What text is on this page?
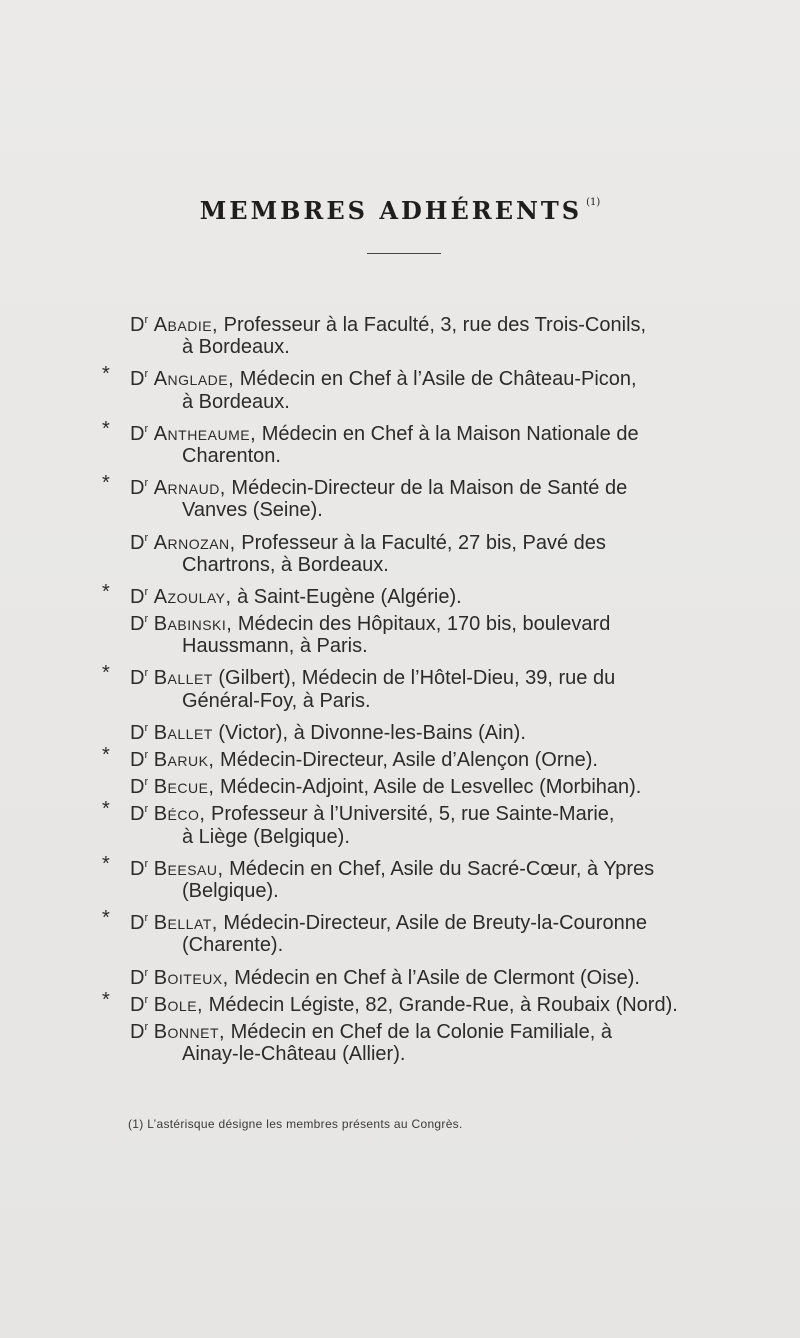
MEMBRES ADHÉRENTS $^{(1)}$
$D^r$ Abadie, Professeur à la Faculté, 3, rue des Trois-Conils,
à Bordeaux.
*	$D^r$ Anglade, Médecin en Chef à l’Asile de Château-Picon,
à Bordeaux.
*	$D^r$ Antheaume, Médecin en Chef à la Maison Nationale de
Charenton.
*	$D^r$ Arnaud, Médecin-Directeur de la Maison de Santé de
Vanves (Seine).
$D^r$ Arnozan, Professeur à la Faculté, 27 bis, Pavé des
Chartrons, à Bordeaux.
*	$D^r$ Azoulay, à Saint-Eugène (Algérie).
$D^r$ Babinski, Médecin des Hôpitaux, 170 bis, boulevard
Haussmann, à Paris.
*	$D^r$ Ballet (Gilbert), Médecin de l’Hôtel-Dieu, 39, rue du
Général-Foy, à Paris.
$D^r$ Ballet (Victor), à Divonne-les-Bains (Ain).
*	$D^r$ Baruk, Médecin-Directeur, Asile d’Alençon (Orne).
$D^r$ Becue, Médecin-Adjoint, Asile de Lesvellec (Morbihan).
*	$D^r$ Béco, Professeur à l’Université, 5, rue Sainte-Marie,
à Liège (Belgique).
*	$D^r$ Beesau, Médecin en Chef, Asile du Sacré-Cœur, à Ypres
(Belgique).
*	$D^r$ Bellat, Médecin-Directeur, Asile de Breuty-la-Couronne
(Charente).
$D^r$ Boiteux, Médecin en Chef à l’Asile de Clermont (Oise).
*	$D^r$ Bole, Médecin Légiste, 82, Grande-Rue, à Roubaix (Nord).
$D^r$ Bonnet, Médecin en Chef de la Colonie Familiale, à
Ainay-le-Château (Allier).
(1) L’astérisque désigne les membres présents au Congrès.
